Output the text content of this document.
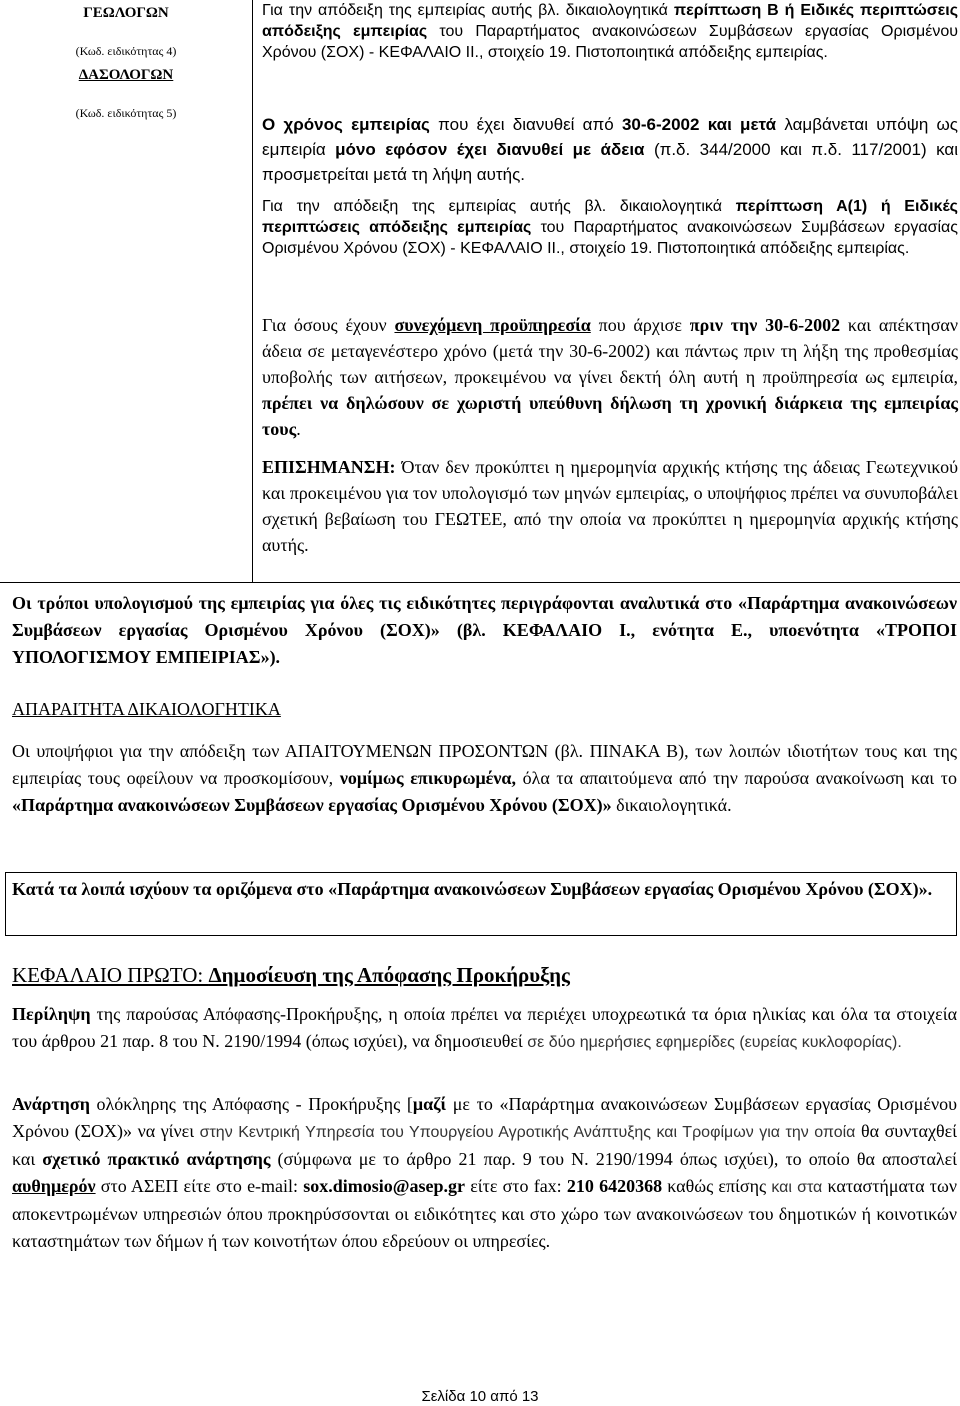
ΓΕΩΛΟΓΩΝ
(Κωδ. ειδικότητας 4)
ΔΑΣΟΛΟΓΩΝ
(Κωδ. ειδικότητας 5)

Για την απόδειξη της εμπειρίας αυτής βλ. δικαιολογητικά περίπτωση Β ή Ειδικές περιπτώσεις απόδειξης εμπειρίας του Παραρτήματος ανακοινώσεων Συμβάσεων εργασίας Ορισμένου Χρόνου (ΣΟΧ) - ΚΕΦΑΛΑΙΟ ΙΙ., στοιχείο 19. Πιστοποιητικά απόδειξης εμπειρίας.

Ο χρόνος εμπειρίας που έχει διανυθεί από 30-6-2002 και μετά λαμβάνεται υπόψη ως εμπειρία μόνο εφόσον έχει διανυθεί με άδεια (π.δ. 344/2000 και π.δ. 117/2001) και προσμετρείται μετά τη λήψη αυτής.

Για την απόδειξη της εμπειρίας αυτής βλ. δικαιολογητικά περίπτωση Α(1) ή Ειδικές περιπτώσεις απόδειξης εμπειρίας του Παραρτήματος ανακοινώσεων Συμβάσεων εργασίας Ορισμένου Χρόνου (ΣΟΧ) - ΚΕΦΑΛΑΙΟ ΙΙ., στοιχείο 19. Πιστοποιητικά απόδειξης εμπειρίας.

Για όσους έχουν συνεχόμενη προϋπηρεσία που άρχισε πριν την 30-6-2002 και απέκτησαν άδεια σε μεταγενέστερο χρόνο (μετά την 30-6-2002) και πάντως πριν τη λήξη της προθεσμίας υποβολής των αιτήσεων, προκειμένου να γίνει δεκτή όλη αυτή η προϋπηρεσία ως εμπειρία, πρέπει να δηλώσουν σε χωριστή υπεύθυνη δήλωση τη χρονική διάρκεια της εμπειρίας τους.

ΕΠΙΣΗΜΑΝΣΗ: Όταν δεν προκύπτει η ημερομηνία αρχικής κτήσης της άδειας Γεωτεχνικού και προκειμένου για τον υπολογισμό των μηνών εμπειρίας, ο υποψήφιος πρέπει να συνυποβάλει σχετική βεβαίωση του ΓΕΩΤΕΕ, από την οποία να προκύπτει η ημερομηνία αρχικής κτήσης αυτής.

Οι τρόποι υπολογισμού της εμπειρίας για όλες τις ειδικότητες περιγράφονται αναλυτικά στο «Παράρτημα ανακοινώσεων Συμβάσεων εργασίας Ορισμένου Χρόνου (ΣΟΧ)» (βλ. ΚΕΦΑΛΑΙΟ Ι., ενότητα Ε., υποενότητα «ΤΡΟΠΟΙ ΥΠΟΛΟΓΙΣΜΟΥ ΕΜΠΕΙΡΙΑΣ»).
ΑΠΑΡΑΙΤΗΤΑ ΔΙΚΑΙΟΛΟΓΗΤΙΚΑ
Οι υποψήφιοι για την απόδειξη των ΑΠΑΙΤΟΥΜΕΝΩΝ ΠΡΟΣΟΝΤΩΝ (βλ. ΠΙΝΑΚΑ Β), των λοιπών ιδιοτήτων τους και της εμπειρίας τους οφείλουν να προσκομίσουν, νομίμως επικυρωμένα, όλα τα απαιτούμενα από την παρούσα ανακοίνωση και το «Παράρτημα ανακοινώσεων Συμβάσεων εργασίας Ορισμένου Χρόνου (ΣΟΧ)» δικαιολογητικά.
Κατά τα λοιπά ισχύουν τα οριζόμενα στο «Παράρτημα ανακοινώσεων Συμβάσεων εργασίας Ορισμένου Χρόνου (ΣΟΧ)».
ΚΕΦΑΛΑΙΟ ΠΡΩΤΟ: Δημοσίευση της Απόφασης Προκήρυξης
Περίληψη της παρούσας Απόφασης-Προκήρυξης, η οποία πρέπει να περιέχει υποχρεωτικά τα όρια ηλικίας και όλα τα στοιχεία του άρθρου 21 παρ. 8 του Ν. 2190/1994 (όπως ισχύει), να δημοσιευθεί σε δύο ημερήσιες εφημερίδες (ευρείας κυκλοφορίας).
Ανάρτηση ολόκληρης της Απόφασης - Προκήρυξης [μαζί με το «Παράρτημα ανακοινώσεων Συμβάσεων εργασίας Ορισμένου Χρόνου (ΣΟΧ)» να γίνει στην Κεντρική Υπηρεσία του Υπουργείου Αγροτικής Ανάπτυξης και Τροφίμων για την οποία θα συνταχθεί και σχετικό πρακτικό ανάρτησης (σύμφωνα με το άρθρο 21 παρ. 9 του Ν. 2190/1994 όπως ισχύει), το οποίο θα αποσταλεί αυθημερόν στο ΑΣΕΠ είτε στο e-mail: sox.dimosio@asep.gr είτε στο fax: 210 6420368 καθώς επίσης και στα καταστήματα των αποκεντρωμένων υπηρεσιών όπου προκηρύσσονται οι ειδικότητες και στο χώρο των ανακοινώσεων του δημοτικών ή κοινοτικών καταστημάτων των δήμων ή των κοινοτήτων όπου εδρεύουν οι υπηρεσίες.
Σελίδα 10 από 13
